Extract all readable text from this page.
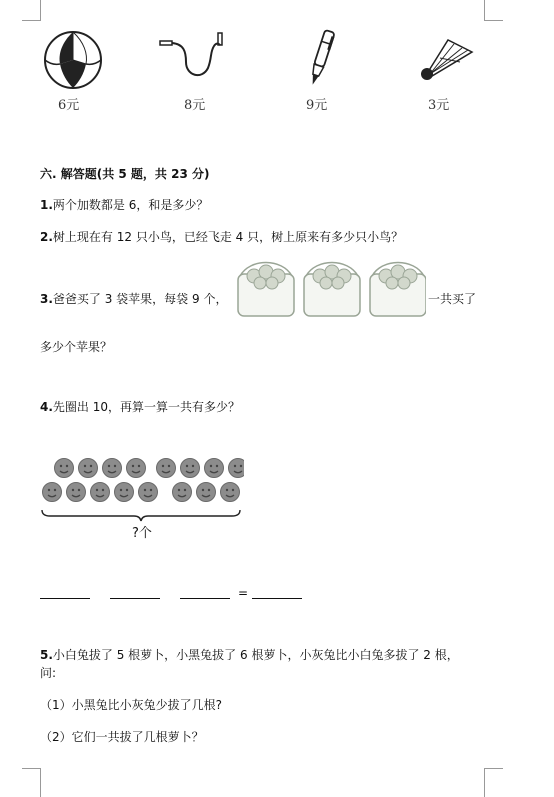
6元	8元	9元	3元
六. 解答题(共 5 题，共 23 分)
1.两个加数都是 6，和是多少？
2.树上现在有 12 只小鸟，已经飞走 4 只，树上原来有多少只小鸟？
3.爸爸买了 3 袋苹果，每袋 9 个，	一共买了
多少个苹果？
4.先圈出 10，再算一算一共有多少？
?个
=
5.小白兔拔了 5 根萝卜，小黑兔拔了 6 根萝卜，小灰兔比小白兔多拔了 2 根，
问:
（1）小黑兔比小灰兔少拔了几根?
（2）它们一共拔了几根萝卜？
